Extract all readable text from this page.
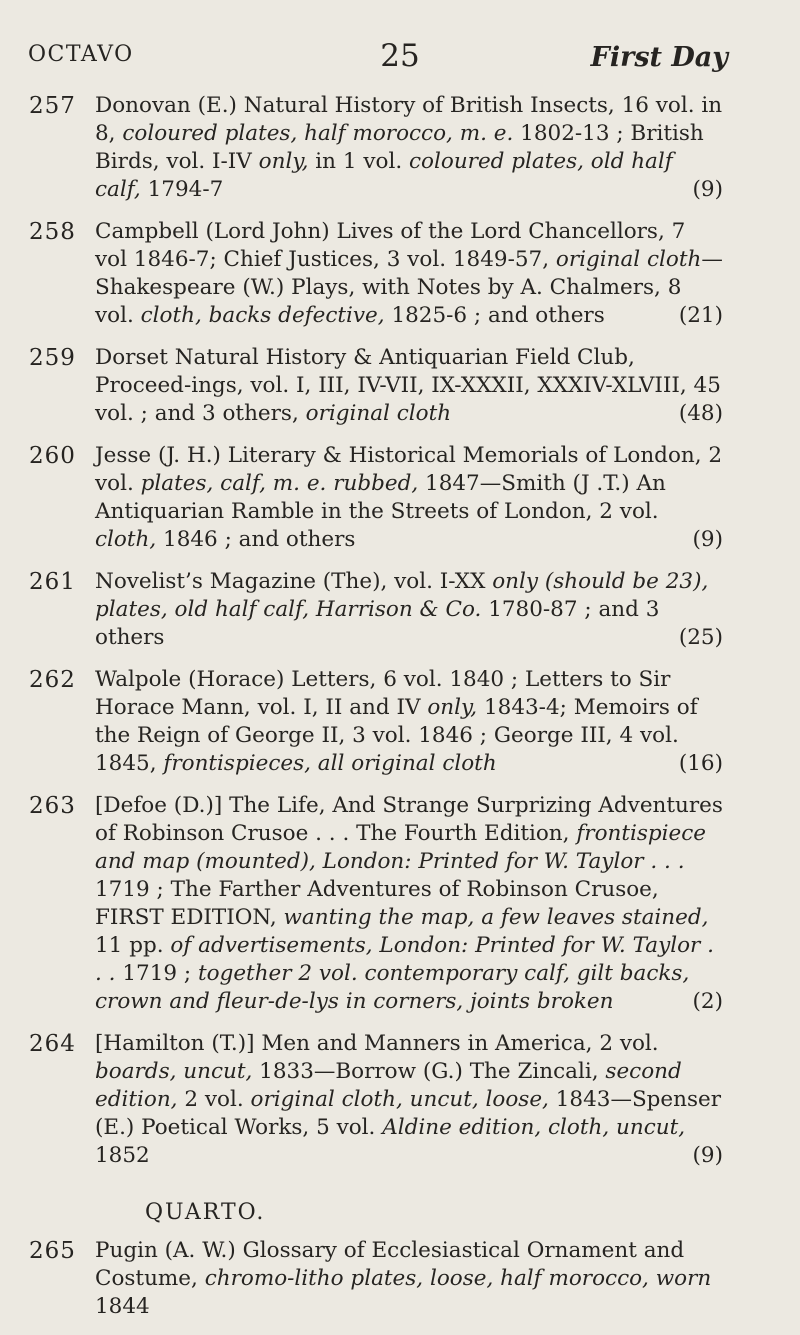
OCTAVO	25	First Day
257 Donovan (E.) Natural History of British Insects, 16 vol. in 8, coloured plates, half morocco, m. e. 1802-13 ; British Birds, vol. I-IV only, in 1 vol. coloured plates, old half calf, 1794-7	(9)
258 Campbell (Lord John) Lives of the Lord Chancellors, 7 vol 1846-7; Chief Justices, 3 vol. 1849-57, original cloth— Shakespeare (W.) Plays, with Notes by A. Chalmers, 8 vol. cloth, backs defective, 1825-6 ; and others	(21)
259 Dorset Natural History & Antiquarian Field Club, Proceed-ings, vol. I, III, IV-VII, IX-XXXII, XXXIV-XLVIII, 45 vol. ; and 3 others, original cloth	(48)
260 Jesse (J. H.) Literary & Historical Memorials of London, 2 vol. plates, calf, m. e. rubbed, 1847—Smith (J .T.) An Antiquarian Ramble in the Streets of London, 2 vol. cloth, 1846 ; and others	(9)
261 Novelist’s Magazine (The), vol. I-XX only (should be 23), plates, old half calf, Harrison & Co. 1780-87 ; and 3 others	(25)
262 Walpole (Horace) Letters, 6 vol. 1840 ; Letters to Sir Horace Mann, vol. I, II and IV only, 1843-4; Memoirs of the Reign of George II, 3 vol. 1846 ; George III, 4 vol. 1845, frontispieces, all original cloth	(16)
263 [Defoe (D.)] The Life, And Strange Surprizing Adventures of Robinson Crusoe . . . The Fourth Edition, frontispiece and map (mounted), London: Printed for W. Taylor . . . 1719 ; The Farther Adventures of Robinson Crusoe, FIRST EDITION, wanting the map, a few leaves stained, 11 pp. of advertisements, London: Printed for W. Taylor . . . 1719 ; together 2 vol. contemporary calf, gilt backs, crown and fleur-de-lys in corners, joints broken	(2)
264 [Hamilton (T.)] Men and Manners in America, 2 vol. boards, uncut, 1833—Borrow (G.) The Zincali, second edition, 2 vol. original cloth, uncut, loose, 1843—Spenser (E.) Poetical Works, 5 vol. Aldine edition, cloth, uncut, 1852	(9)
QUARTO.
265 Pugin (A. W.) Glossary of Ecclesiastical Ornament and Costume, chromo-litho plates, loose, half morocco, worn 1844
